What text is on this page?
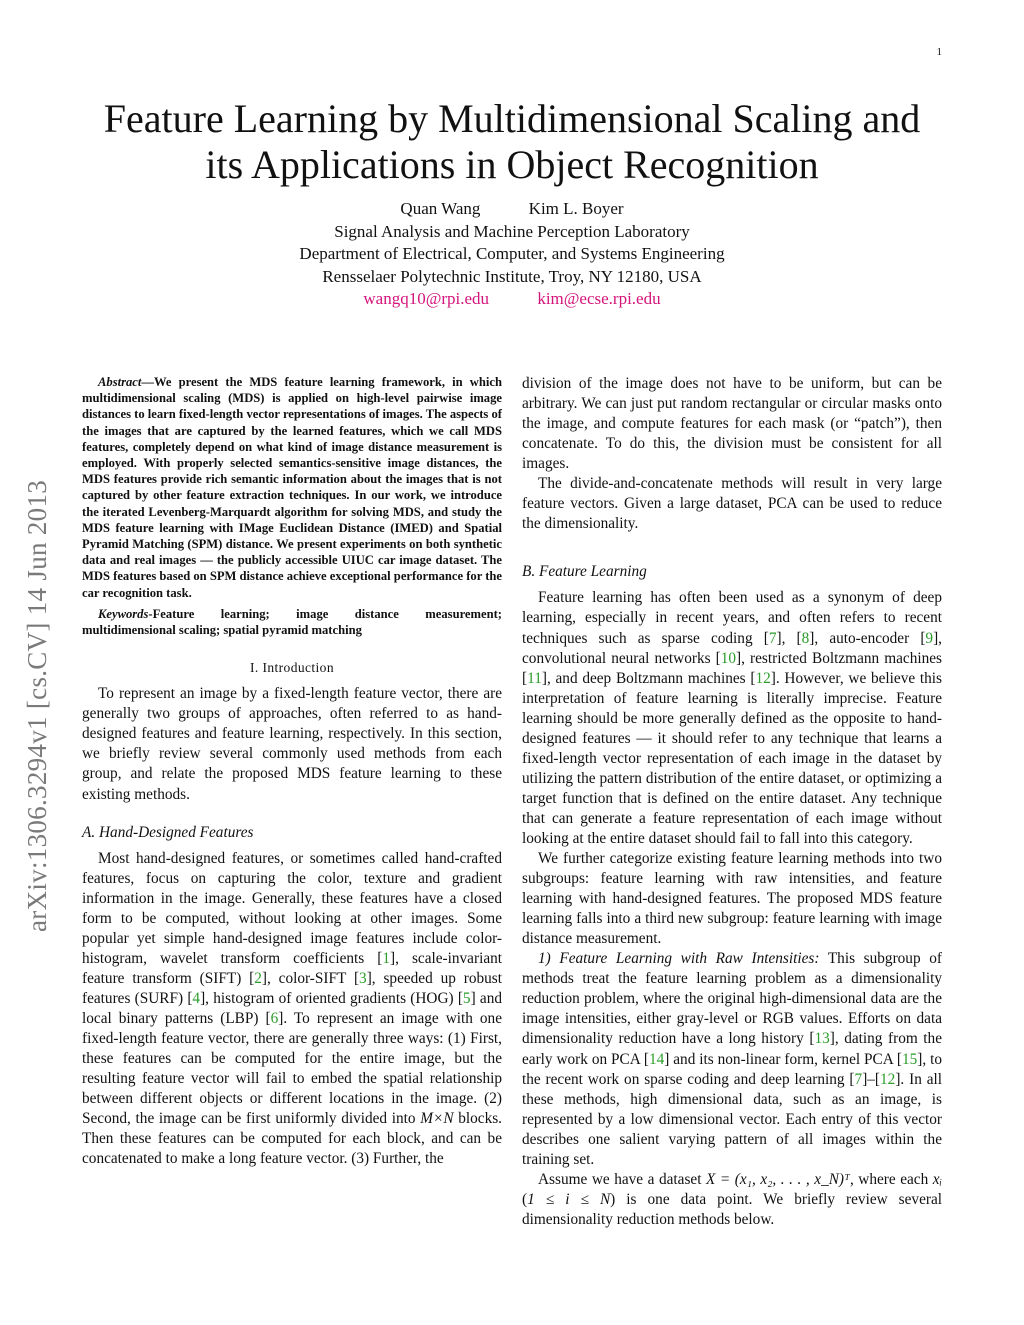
1
arXiv:1306.3294v1 [cs.CV] 14 Jun 2013
Feature Learning by Multidimensional Scaling and
its Applications in Object Recognition
Quan Wang	Kim L. Boyer
Signal Analysis and Machine Perception Laboratory
Department of Electrical, Computer, and Systems Engineering
Rensselaer Polytechnic Institute, Troy, NY 12180, USA
wangq10@rpi.edu	kim@ecse.rpi.edu

Abstract—We present the MDS feature learning framework, in which multidimensional scaling (MDS) is applied on high-level pairwise image distances to learn fixed-length vector representations of images. The aspects of the images that are captured by the learned features, which we call MDS features, completely depend on what kind of image distance measurement is employed. With properly selected semantics-sensitive image distances, the MDS features provide rich semantic information about the images that is not captured by other feature extraction techniques. In our work, we introduce the iterated Levenberg-Marquardt algorithm for solving MDS, and study the MDS feature learning with IMage Euclidean Distance (IMED) and Spatial Pyramid Matching (SPM) distance. We present experiments on both synthetic data and real images — the publicly accessible UIUC car image dataset. The MDS features based on SPM distance achieve exceptional performance for the car recognition task.

Keywords-Feature learning; image distance measurement; multidimensional scaling; spatial pyramid matching

I. Introduction

To represent an image by a fixed-length feature vector, there are generally two groups of approaches, often referred to as hand-designed features and feature learning, respectively. In this section, we briefly review several commonly used methods from each group, and relate the proposed MDS feature learning to these existing methods.

A. Hand-Designed Features

Most hand-designed features, or sometimes called hand-crafted features, focus on capturing the color, texture and gradient information in the image. Generally, these features have a closed form to be computed, without looking at other images. Some popular yet simple hand-designed image features include color-histogram, wavelet transform coefficients [1], scale-invariant feature transform (SIFT) [2], color-SIFT [3], speeded up robust features (SURF) [4], histogram of oriented gradients (HOG) [5] and local binary patterns (LBP) [6]. To represent an image with one fixed-length feature vector, there are generally three ways: (1) First, these features can be computed for the entire image, but the resulting feature vector will fail to embed the spatial relationship between different objects or different locations in the image. (2) Second, the image can be first uniformly divided into M×N blocks. Then these features can be computed for each block, and can be concatenated to make a long feature vector. (3) Further, the

division of the image does not have to be uniform, but can be arbitrary. We can just put random rectangular or circular masks onto the image, and compute features for each mask (or “patch”), then concatenate. To do this, the division must be consistent for all images.

The divide-and-concatenate methods will result in very large feature vectors. Given a large dataset, PCA can be used to reduce the dimensionality.

B. Feature Learning

Feature learning has often been used as a synonym of deep learning, especially in recent years, and often refers to recent techniques such as sparse coding [7], [8], auto-encoder [9], convolutional neural networks [10], restricted Boltzmann machines [11], and deep Boltzmann machines [12]. However, we believe this interpretation of feature learning is literally imprecise. Feature learning should be more generally defined as the opposite to hand-designed features — it should refer to any technique that learns a fixed-length vector representation of each image in the dataset by utilizing the pattern distribution of the entire dataset, or optimizing a target function that is defined on the entire dataset. Any technique that can generate a feature representation of each image without looking at the entire dataset should fail to fall into this category.

We further categorize existing feature learning methods into two subgroups: feature learning with raw intensities, and feature learning with hand-designed features. The proposed MDS feature learning falls into a third new subgroup: feature learning with image distance measurement.

1) Feature Learning with Raw Intensities: This subgroup of methods treat the feature learning problem as a dimensionality reduction problem, where the original high-dimensional data are the image intensities, either gray-level or RGB values. Efforts on data dimensionality reduction have a long history [13], dating from the early work on PCA [14] and its non-linear form, kernel PCA [15], to the recent work on sparse coding and deep learning [7]–[12]. In all these methods, high dimensional data, such as an image, is represented by a low dimensional vector. Each entry of this vector describes one salient varying pattern of all images within the training set.

Assume we have a dataset X = (x₁, x₂, . . . , x_N)ᵀ, where each xᵢ (1 ≤ i ≤ N) is one data point. We briefly review several dimensionality reduction methods below.
